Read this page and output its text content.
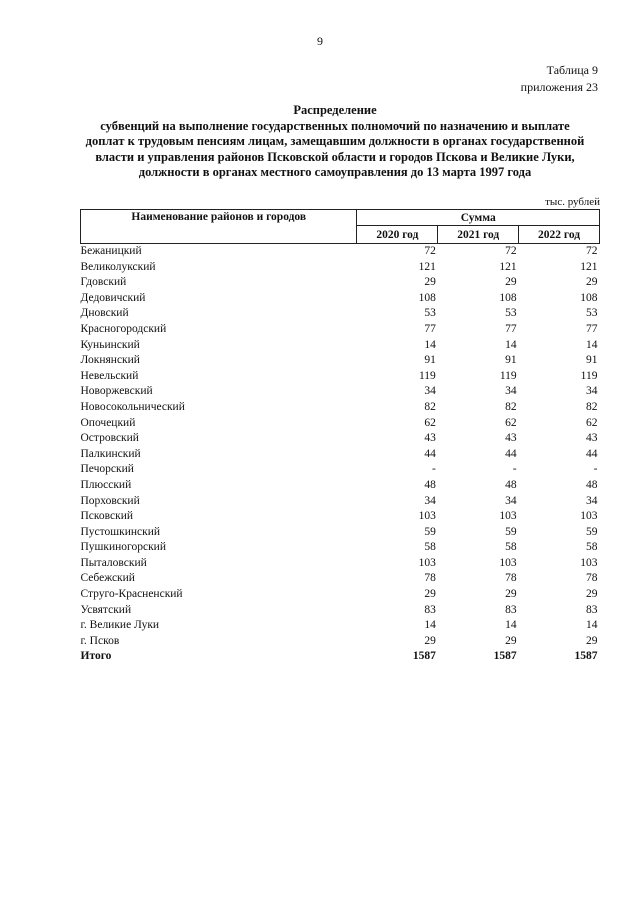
9
Таблица 9
приложения 23
Распределение
субвенций на выполнение государственных полномочий по назначению и выплате
доплат к трудовым пенсиям лицам, замещавшим должности в органах государственной
власти и управления районов Псковской области и городов Пскова и Великие Луки,
должности в органах местного самоуправления до 13 марта 1997 года
тыс. рублей
Наименование районов и городов	Сумма		
	2020 год	2021 год	2022 год
Бежаницкий	72	72	72
Великолукский	121	121	121
Гдовский	29	29	29
Дедовичский	108	108	108
Дновский	53	53	53
Красногородский	77	77	77
Куньинский	14	14	14
Локнянский	91	91	91
Невельский	119	119	119
Новоржевский	34	34	34
Новосокольнический	82	82	82
Опочецкий	62	62	62
Островский	43	43	43
Палкинский	44	44	44
Печорский	-	-	-
Плюсский	48	48	48
Порховский	34	34	34
Псковский	103	103	103
Пустошкинский	59	59	59
Пушкиногорский	58	58	58
Пыталовский	103	103	103
Себежский	78	78	78
Струго-Красненский	29	29	29
Усвятский	83	83	83
г. Великие Луки	14	14	14
г. Псков	29	29	29
Итого	1587	1587	1587
